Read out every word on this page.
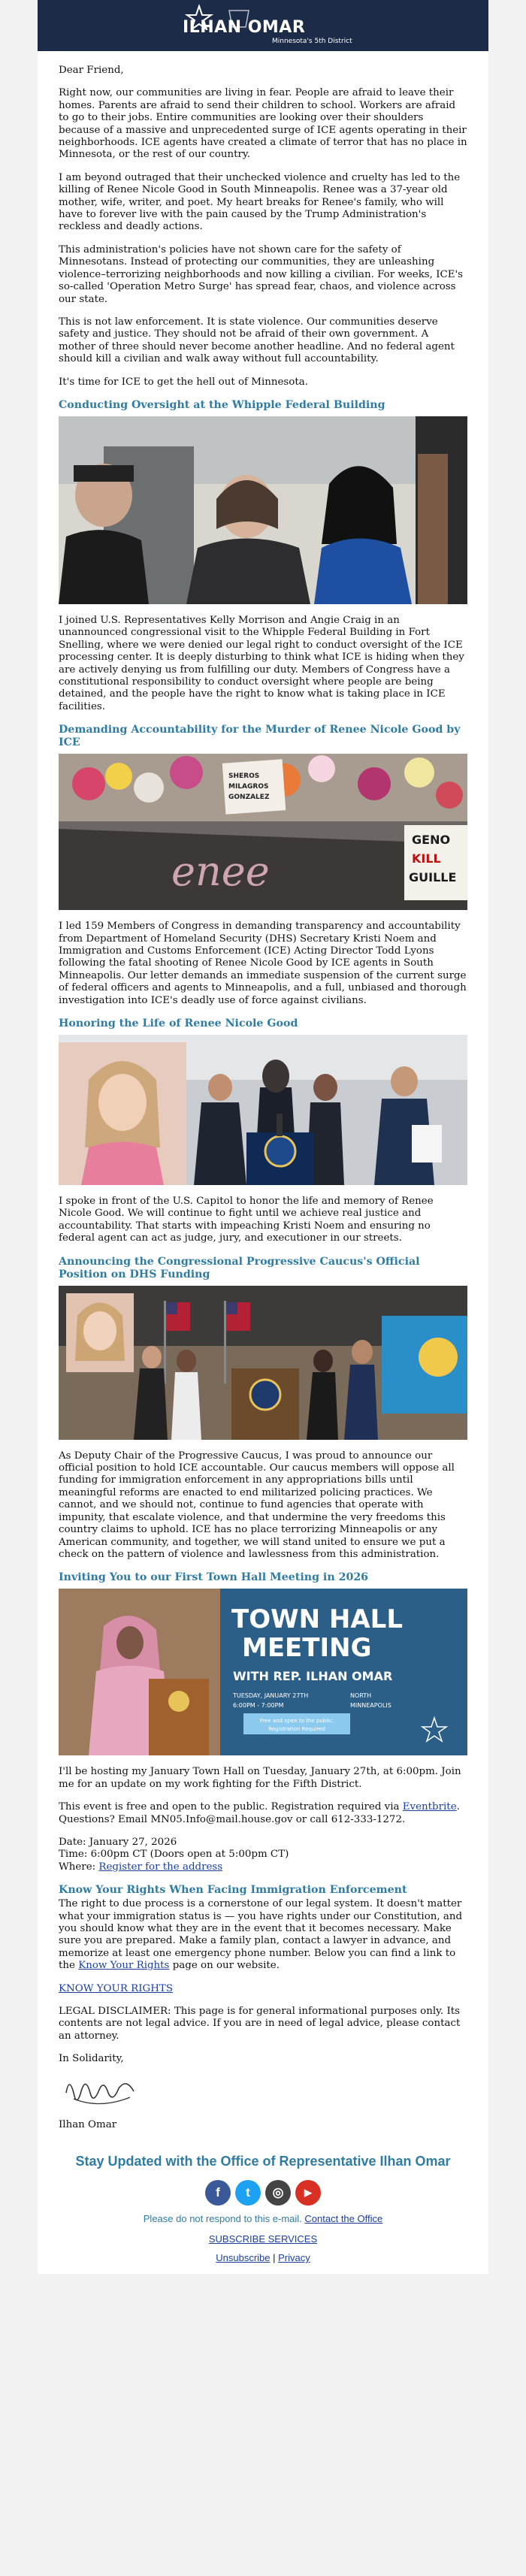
ILHAN OMAR
Minnesota's 5th District

Dear Friend,

Right now, our communities are living in fear. People are afraid to leave their homes. Parents are afraid to send their children to school. Workers are afraid to go to their jobs. Entire communities are looking over their shoulders because of a massive and unprecedented surge of ICE agents operating in their neighborhoods. ICE agents have created a climate of terror that has no place in Minnesota, or the rest of our country.

I am beyond outraged that their unchecked violence and cruelty has led to the killing of Renee Nicole Good in South Minneapolis. Renee was a 37-year old mother, wife, writer, and poet. My heart breaks for Renee's family, who will have to forever live with the pain caused by the Trump Administration's reckless and deadly actions.

This administration's policies have not shown care for the safety of Minnesotans. Instead of protecting our communities, they are unleashing violence–terrorizing neighborhoods and now killing a civilian. For weeks, ICE's so-called 'Operation Metro Surge' has spread fear, chaos, and violence across our state.

This is not law enforcement. It is state violence. Our communities deserve safety and justice. They should not be afraid of their own government. A mother of three should never become another headline. And no federal agent should kill a civilian and walk away without full accountability.

It's time for ICE to get the hell out of Minnesota.

Conducting Oversight at the Whipple Federal Building

I joined U.S. Representatives Kelly Morrison and Angie Craig in an unannounced congressional visit to the Whipple Federal Building in Fort Snelling, where we were denied our legal right to conduct oversight of the ICE processing center. It is deeply disturbing to think what ICE is hiding when they are actively denying us from fulfilling our duty. Members of Congress have a constitutional responsibility to conduct oversight where people are being detained, and the people have the right to know what is taking place in ICE facilities.

Demanding Accountability for the Murder of Renee Nicole Good by ICE
SHEROS
MILAGROS
GONZALEZ
enee
GENO
KILL
GUILLE

I led 159 Members of Congress in demanding transparency and accountability from Department of Homeland Security (DHS) Secretary Kristi Noem and Immigration and Customs Enforcement (ICE) Acting Director Todd Lyons following the fatal shooting of Renee Nicole Good by ICE agents in South Minneapolis. Our letter demands an immediate suspension of the current surge of federal officers and agents to Minneapolis, and a full, unbiased and thorough investigation into ICE's deadly use of force against civilians.

Honoring the Life of Renee Nicole Good

I spoke in front of the U.S. Capitol to honor the life and memory of Renee Nicole Good. We will continue to fight until we achieve real justice and accountability. That starts with impeaching Kristi Noem and ensuring no federal agent can act as judge, jury, and executioner in our streets.

Announcing the Congressional Progressive Caucus's Official Position on DHS Funding

As Deputy Chair of the Progressive Caucus, I was proud to announce our official position to hold ICE accountable. Our caucus members will oppose all funding for immigration enforcement in any appropriations bills until meaningful reforms are enacted to end militarized policing practices. We cannot, and we should not, continue to fund agencies that operate with impunity, that escalate violence, and that undermine the very freedoms this country claims to uphold. ICE has no place terrorizing Minneapolis or any American community, and together, we will stand united to ensure we put a check on the pattern of violence and lawlessness from this administration.

Inviting You to our First Town Hall Meeting in 2026
TOWN HALL
MEETING
WITH REP. ILHAN OMAR
TUESDAY, JANUARY 27TH
6:00PM - 7:00PM
NORTH
MINNEAPOLIS
Free and open to the public.
Registration Required

I'll be hosting my January Town Hall on Tuesday, January 27th, at 6:00pm. Join me for an update on my work fighting for the Fifth District.

This event is free and open to the public. Registration required via Eventbrite. Questions? Email MN05.Info@mail.house.gov or call 612-333-1272.

Date: January 27, 2026

Time: 6:00pm CT (Doors open at 5:00pm CT)

Where: Register for the address

Know Your Rights When Facing Immigration Enforcement

The right to due process is a cornerstone of our legal system. It doesn't matter what your immigration status is — you have rights under our Constitution, and you should know what they are in the event that it becomes necessary. Make sure you are prepared. Make a family plan, contact a lawyer in advance, and memorize at least one emergency phone number. Below you can find a link to the Know Your Rights page on our website.

KNOW YOUR RIGHTS

LEGAL DISCLAIMER: This page is for general informational purposes only. Its contents are not legal advice. If you are in need of legal advice, please contact an attorney.

In Solidarity,

Ilhan Omar

Stay Updated with the Office of Representative Ilhan Omar
f	t	◎	▶
Please do not respond to this e-mail. Contact the Office
SUBSCRIBE SERVICES
Unsubscribe | Privacy
